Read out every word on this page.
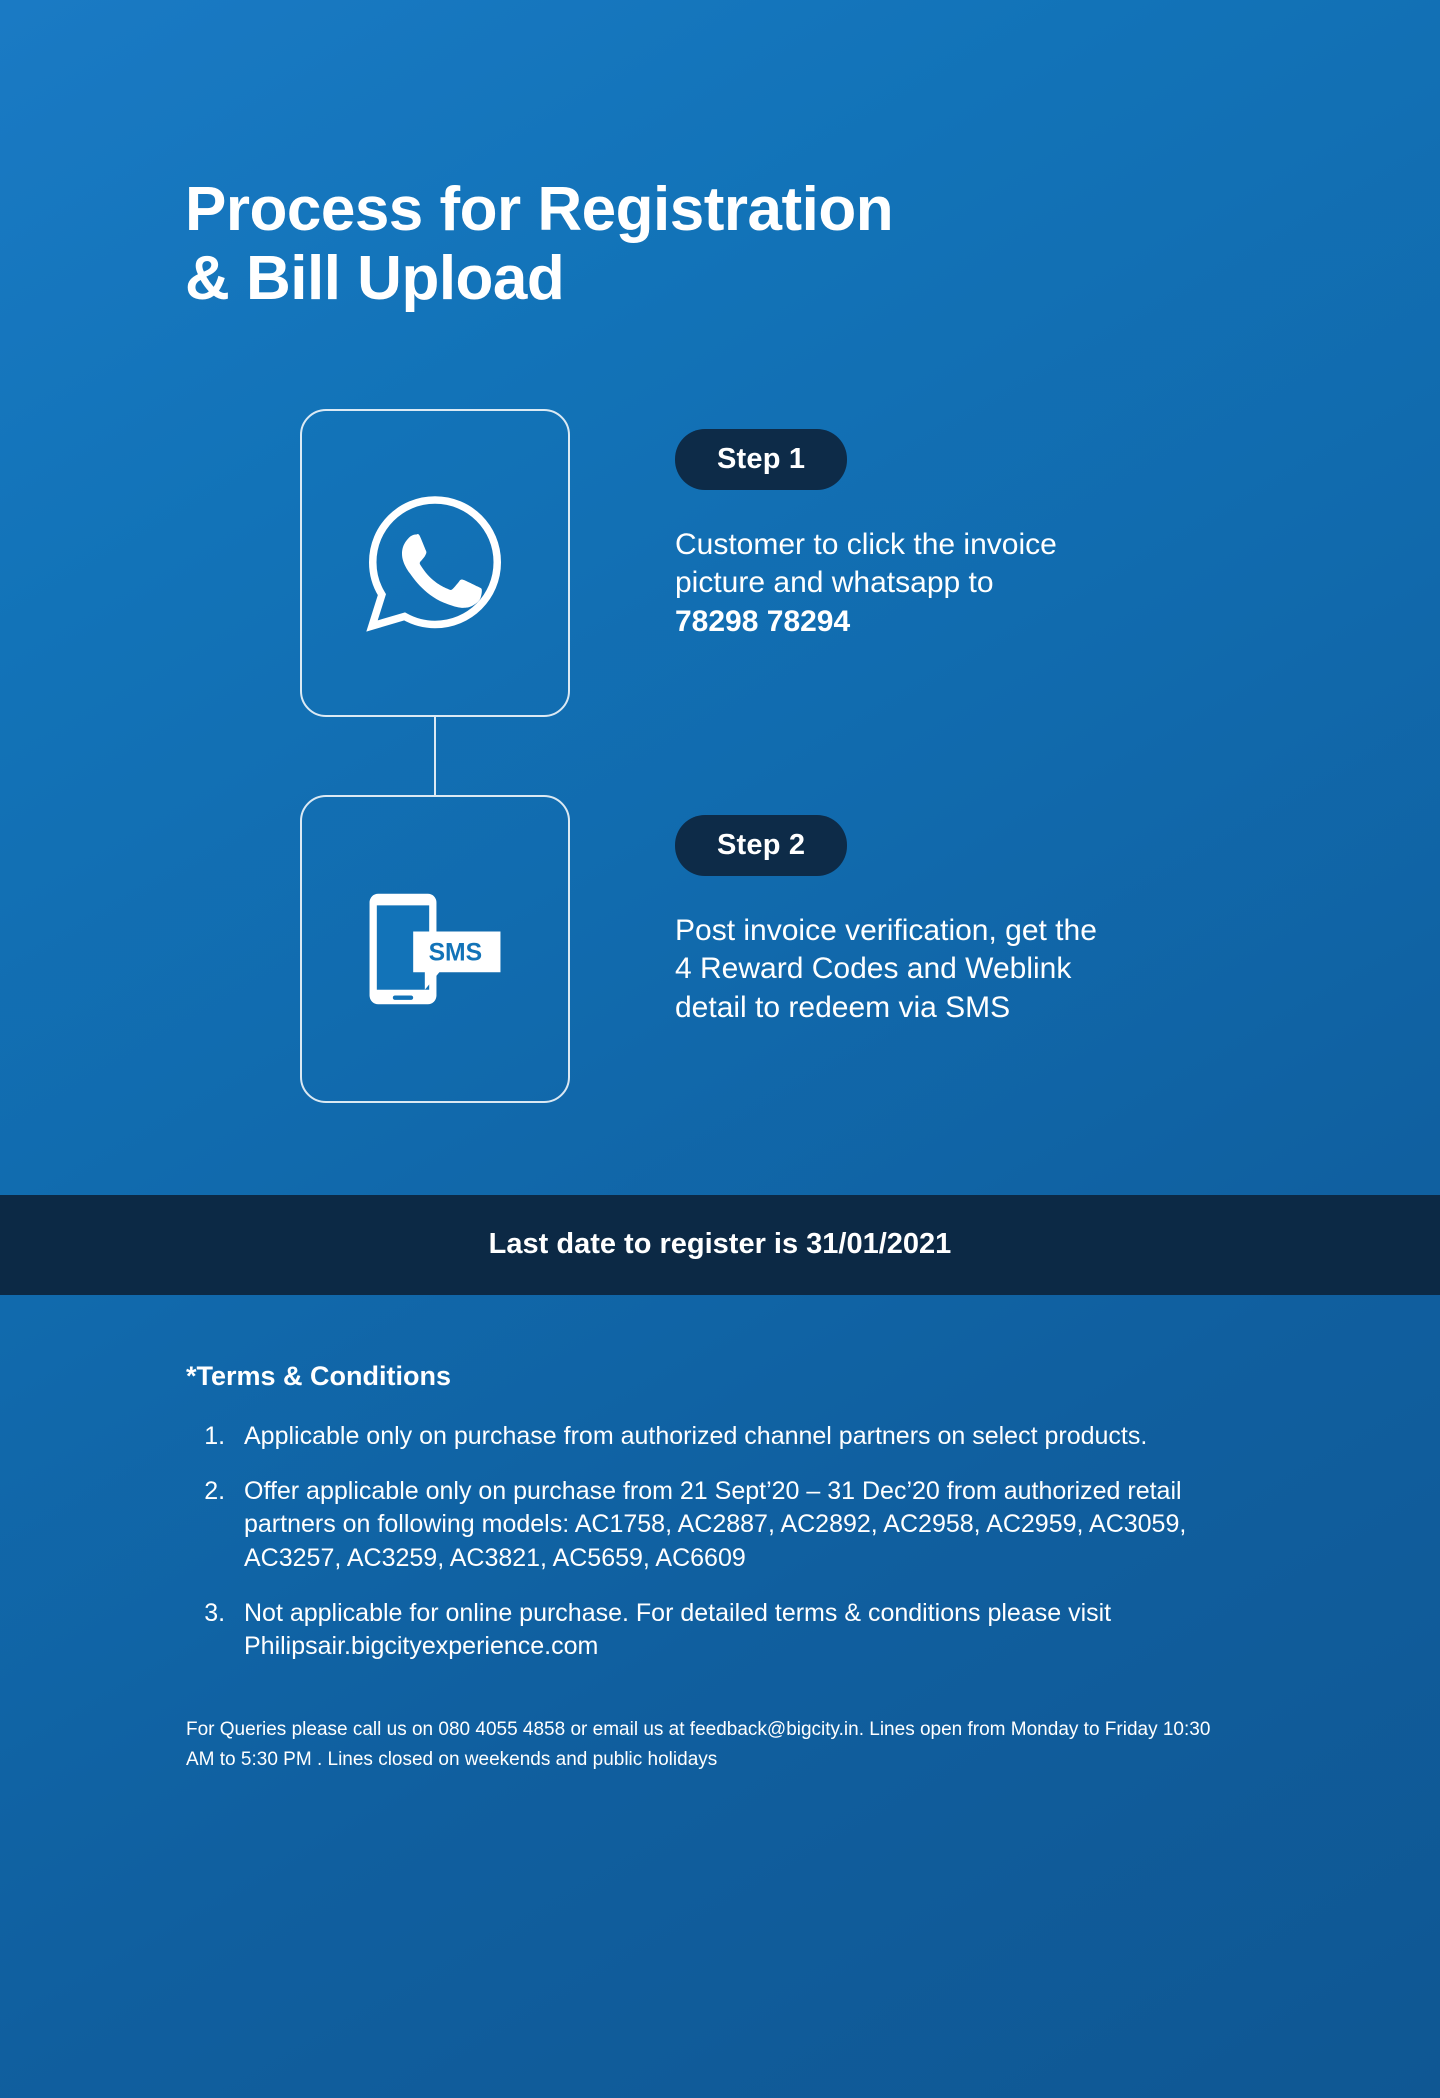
Process for Registration
& Bill Upload
Step 1
Customer to click the invoice
picture and whatsapp to
78298 78294
SMS
Step 2
Post invoice verification, get the
4 Reward Codes and Weblink
detail to redeem via SMS
Last date to register is 31/01/2021
*Terms & Conditions
1. Applicable only on purchase from authorized channel partners on select products.
2. Offer applicable only on purchase from 21 Sept’20 – 31 Dec’20 from authorized retail partners on following models: AC1758, AC2887, AC2892, AC2958, AC2959, AC3059, AC3257, AC3259, AC3821, AC5659, AC6609
3. Not applicable for online purchase. For detailed terms & conditions please visit Philipsair.bigcityexperience.com
For Queries please call us on 080 4055 4858 or email us at feedback@bigcity.in. Lines open from Monday to Friday 10:30 AM to 5:30 PM . Lines closed on weekends and public holidays
